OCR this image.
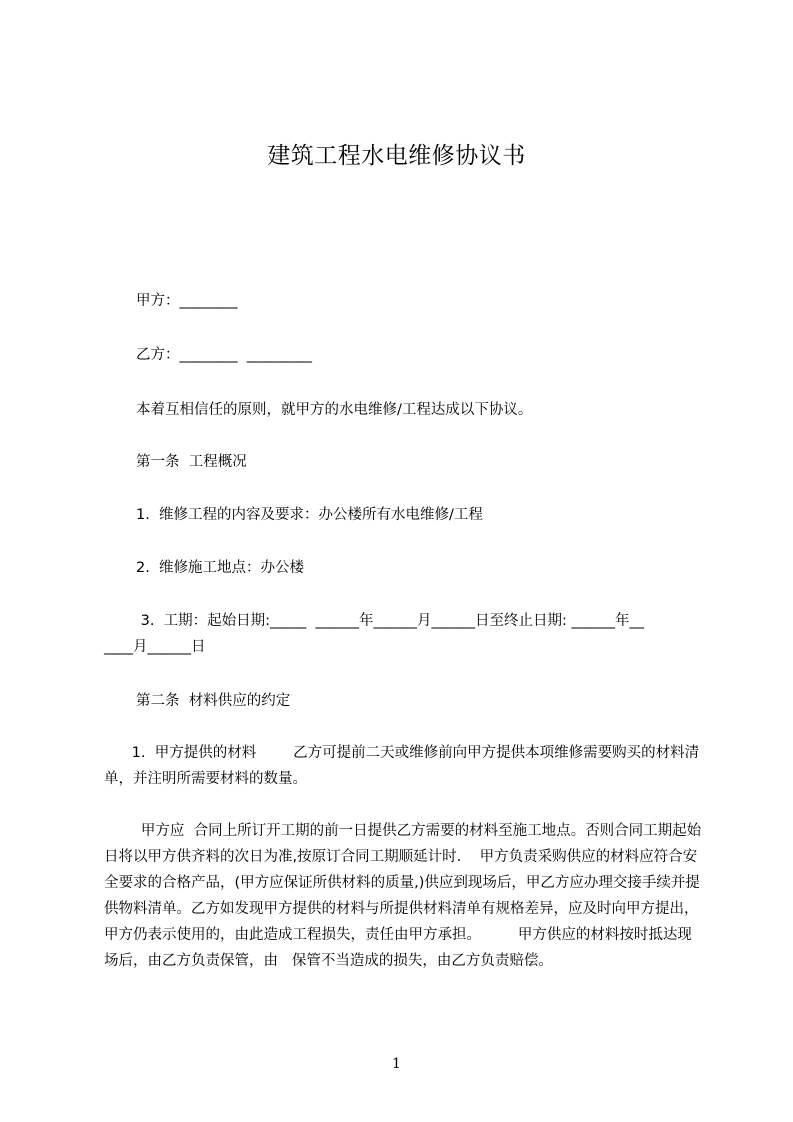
建筑工程水电维修协议书
甲方：________
乙方：________  _________
本着互相信任的原则，就甲方的水电维修/工程达成以下协议。
第一条  工程概况
1.  维修工程的内容及要求：办公楼所有水电维修/工程
2.  维修施工地点：办公楼
3.  工期：起始日期:_____  ______年______月______日至终止日期: ______年__
____月______日
第二条  材料供应的约定
1.  甲方提供的材料        乙方可提前二天或维修前向甲方提供本项维修需要购买的材料清单，并注明所需要材料的数量。
甲方应  合同上所订开工期的前一日提供乙方需要的材料至施工地点。否则合同工期起始日将以甲方供齐料的次日为准,按原订合同工期顺延计时.    甲方负责采购供应的材料应符合安全要求的合格产品，(甲方应保证所供材料的质量,)供应到现场后，甲乙方应办理交接手续并提供物料清单。乙方如发现甲方提供的材料与所提供材料清单有规格差异，应及时向甲方提出，甲方仍表示使用的，由此造成工程损失，责任由甲方承担。        甲方供应的材料按时抵达现场后，由乙方负责保管，由   保管不当造成的损失，由乙方负责赔偿。
1
